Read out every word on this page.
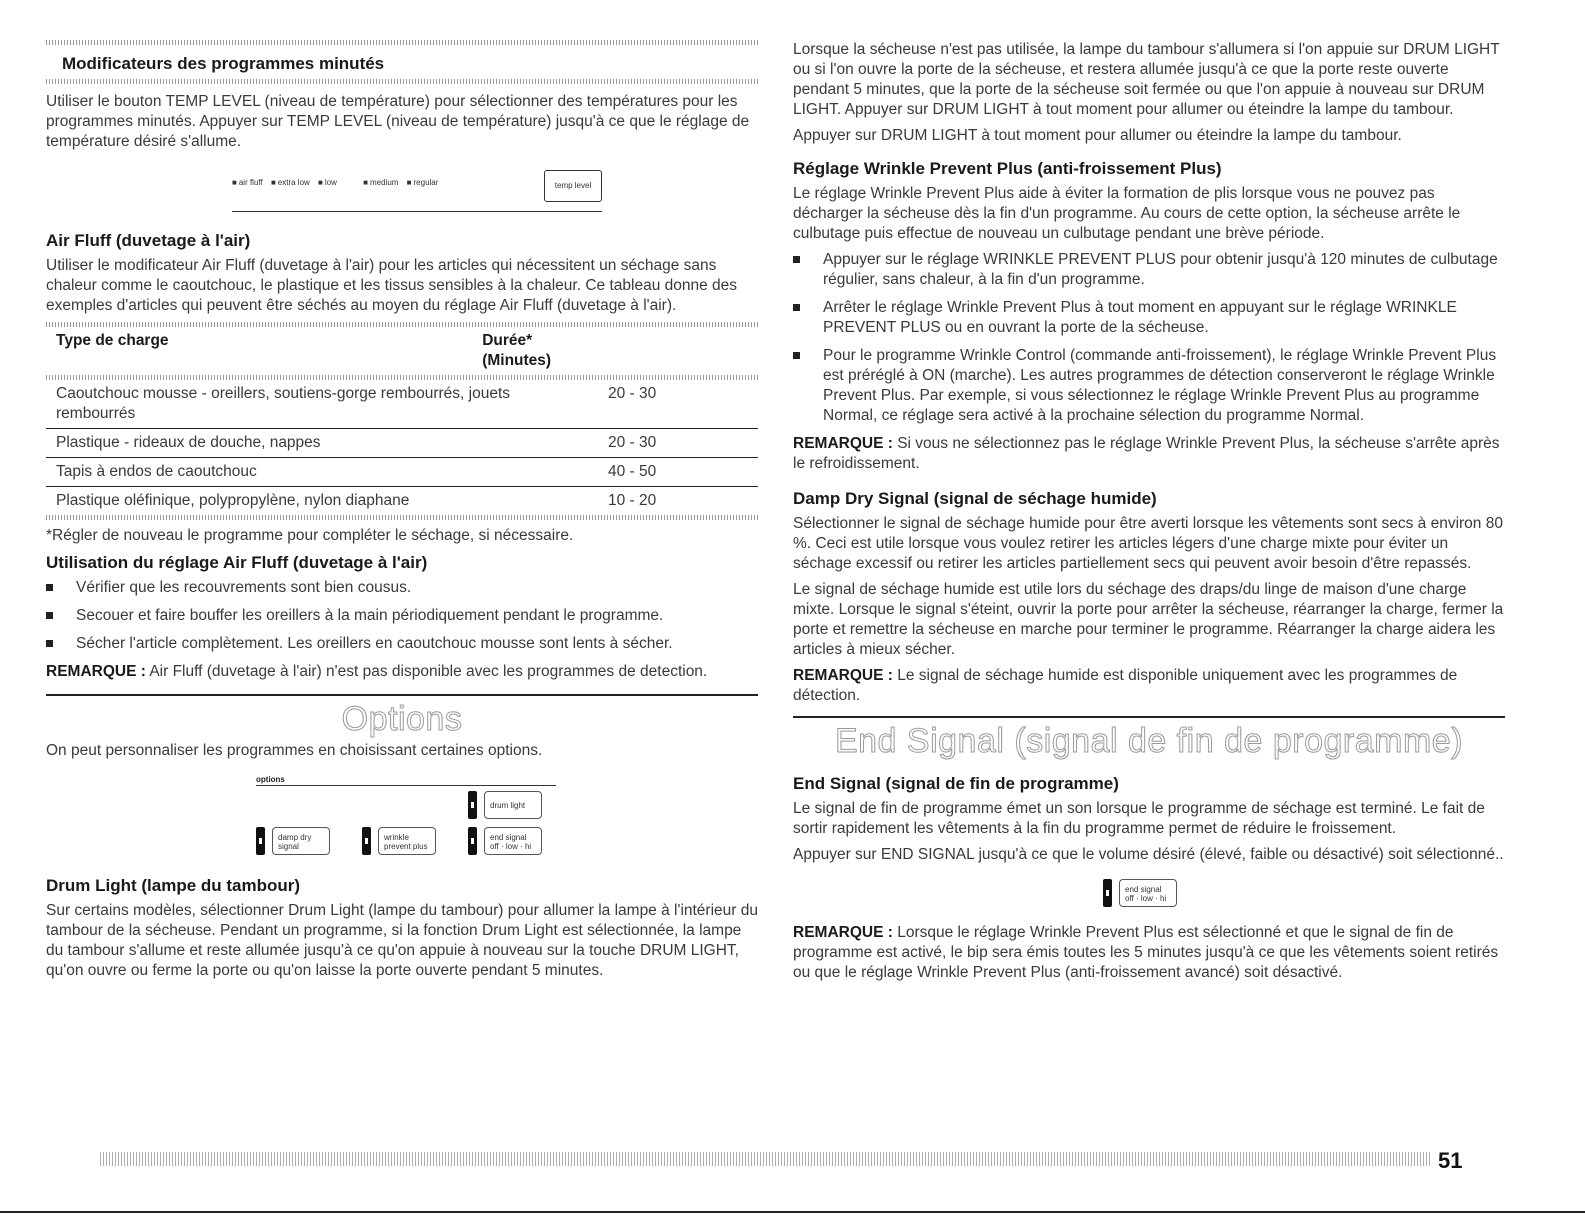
Modificateurs des programmes minutés

Utiliser le bouton TEMP LEVEL (niveau de température) pour sélectionner des températures pour les programmes minutés. Appuyer sur TEMP LEVEL (niveau de température) jusqu'à ce que le réglage de température désiré s'allume.

■ air fluff ■ extra low ■ low	■ medium ■ regular	temp level
Air Fluff (duvetage à l'air)

Utiliser le modificateur Air Fluff (duvetage à l'air) pour les articles qui nécessitent un séchage sans chaleur comme le caoutchouc, le plastique et les tissus sensibles à la chaleur. Ce tableau donne des exemples d'articles qui peuvent être séchés au moyen du réglage Air Fluff (duvetage à l'air).

Type de charge	Durée*
(Minutes)
Caoutchouc mousse - oreillers, soutiens-gorge rembourrés, jouets rembourrés	20 - 30
Plastique - rideaux de douche, nappes	20 - 30
Tapis à endos de caoutchouc	40 - 50
Plastique oléfinique, polypropylène, nylon diaphane	10 - 20

*Régler de nouveau le programme pour compléter le séchage, si nécessaire.

Utilisation du réglage Air Fluff (duvetage à l'air)
Vérifier que les recouvrements sont bien cousus.
Secouer et faire bouffer les oreillers à la main périodiquement pendant le programme.
Sécher l'article complètement. Les oreillers en caoutchouc mousse sont lents à sécher.

REMARQUE : Air Fluff (duvetage à l'air) n'est pas disponible avec les programmes de detection.

Options

On peut personnaliser les programmes en choisissant certaines options.

options
drum light
damp dry
signal
wrinkle
prevent plus
end signal
off · low · hi
Drum Light (lampe du tambour)

Sur certains modèles, sélectionner Drum Light (lampe du tambour) pour allumer la lampe à l'intérieur du tambour de la sécheuse. Pendant un programme, si la fonction Drum Light est sélectionnée, la lampe du tambour s'allume et reste allumée jusqu'à ce qu'on appuie à nouveau sur la touche DRUM LIGHT, qu'on ouvre ou ferme la porte ou qu'on laisse la porte ouverte pendant 5 minutes.

Lorsque la sécheuse n'est pas utilisée, la lampe du tambour s'allumera si l'on appuie sur DRUM LIGHT ou si l'on ouvre la porte de la sécheuse, et restera allumée jusqu'à ce que la porte reste ouverte pendant 5 minutes, que la porte de la sécheuse soit fermée ou que l'on appuie à nouveau sur DRUM LIGHT. Appuyer sur DRUM LIGHT à tout moment pour allumer ou éteindre la lampe du tambour.

Appuyer sur DRUM LIGHT à tout moment pour allumer ou éteindre la lampe du tambour.

Réglage Wrinkle Prevent Plus (anti-froissement Plus)

Le réglage Wrinkle Prevent Plus aide à éviter la formation de plis lorsque vous ne pouvez pas décharger la sécheuse dès la fin d'un programme. Au cours de cette option, la sécheuse arrête le culbutage puis effectue de nouveau un culbutage pendant une brève période.

Appuyer sur le réglage WRINKLE PREVENT PLUS pour obtenir jusqu'à 120 minutes de culbutage régulier, sans chaleur, à la fin d'un programme.
Arrêter le réglage Wrinkle Prevent Plus à tout moment en appuyant sur le réglage WRINKLE PREVENT PLUS ou en ouvrant la porte de la sécheuse.
Pour le programme Wrinkle Control (commande anti-froissement), le réglage Wrinkle Prevent Plus est préréglé à ON (marche). Les autres programmes de détection conserveront le réglage Wrinkle Prevent Plus. Par exemple, si vous sélectionnez le réglage Wrinkle Prevent Plus au programme Normal, ce réglage sera activé à la prochaine sélection du programme Normal.

REMARQUE : Si vous ne sélectionnez pas le réglage Wrinkle Prevent Plus, la sécheuse s'arrête après le refroidissement.

Damp Dry Signal (signal de séchage humide)

Sélectionner le signal de séchage humide pour être averti lorsque les vêtements sont secs à environ 80 %. Ceci est utile lorsque vous voulez retirer les articles légers d'une charge mixte pour éviter un séchage excessif ou retirer les articles partiellement secs qui peuvent avoir besoin d'être repassés.

Le signal de séchage humide est utile lors du séchage des draps/du linge de maison d'une charge mixte. Lorsque le signal s'éteint, ouvrir la porte pour arrêter la sécheuse, réarranger la charge, fermer la porte et remettre la sécheuse en marche pour terminer le programme. Réarranger la charge aidera les articles à mieux sécher.

REMARQUE : Le signal de séchage humide est disponible uniquement avec les programmes de détection.

End Signal (signal de fin de programme)
End Signal (signal de fin de programme)

Le signal de fin de programme émet un son lorsque le programme de séchage est terminé. Le fait de sortir rapidement les vêtements à la fin du programme permet de réduire le froissement.

Appuyer sur END SIGNAL jusqu'à ce que le volume désiré (élevé, faible ou désactivé) soit sélectionné..

end signal
off · low · hi

REMARQUE : Lorsque le réglage Wrinkle Prevent Plus est sélectionné et que le signal de fin de programme est activé, le bip sera émis toutes les 5 minutes jusqu'à ce que les vêtements soient retirés ou que le réglage Wrinkle Prevent Plus (anti-froissement avancé) soit désactivé.

51
